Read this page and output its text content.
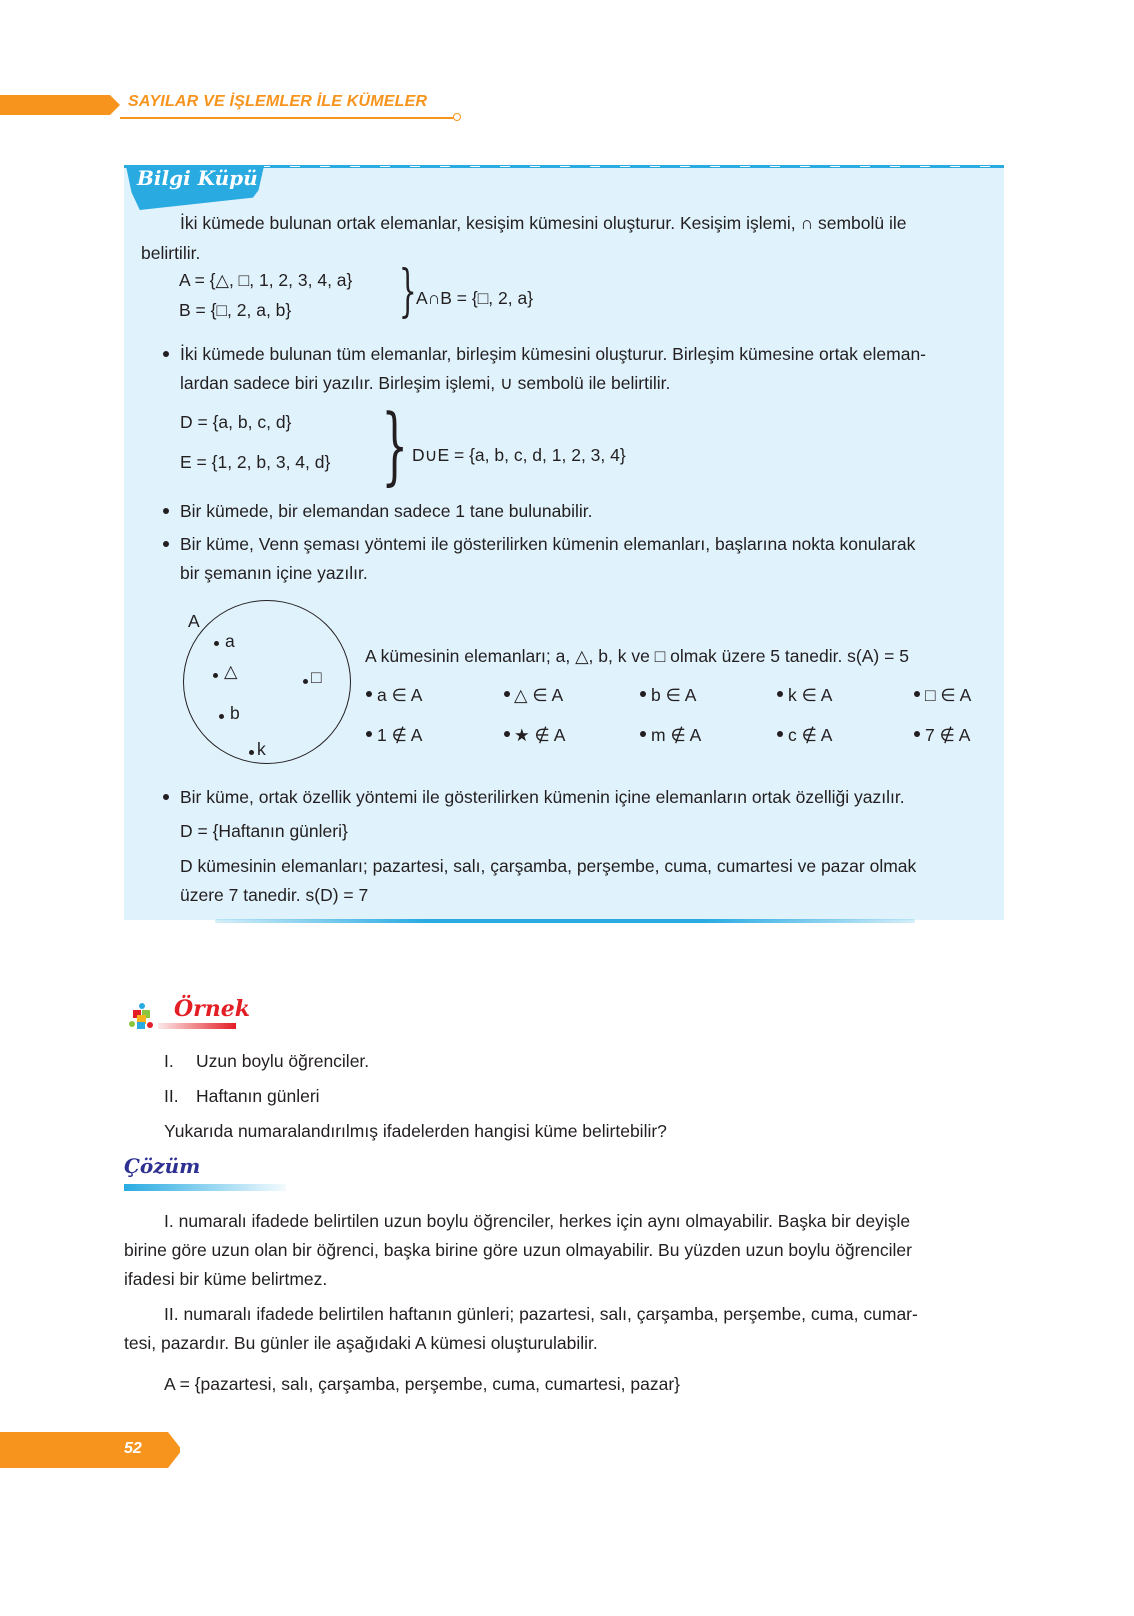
SAYILAR VE İŞLEMLER İLE KÜMELER
Bilgi Küpü
İki kümede bulunan ortak elemanlar, kesişim kümesini oluşturur. Kesişim işlemi, ∩ sembolü ile
belirtilir.
A = {△, □, 1, 2, 3, 4, a}
B = {□, 2, a, b} } A∩B = {□, 2, a}
İki kümede bulunan tüm elemanlar, birleşim kümesini oluşturur. Birleşim kümesine ortak eleman-
lardan sadece biri yazılır. Birleşim işlemi, ∪ sembolü ile belirtilir.
D = {a, b, c, d}
E = {1, 2, b, 3, 4, d} } D∪E = {a, b, c, d, 1, 2, 3, 4}
Bir kümede, bir elemandan sadece 1 tane bulunabilir.
Bir küme, Venn şeması yöntemi ile gösterilirken kümenin elemanları, başlarına nokta konularak
bir şemanın içine yazılır.
A
a
△
b
k
□
A kümesinin elemanları; a, △, b, k ve □ olmak üzere 5 tanedir. s(A) = 5
a ∈ A	△ ∈ A	b ∈ A	k ∈ A	□ ∈ A
1 ∉ A	★ ∉ A	m ∉ A	c ∉ A	7 ∉ A
Bir küme, ortak özellik yöntemi ile gösterilirken kümenin içine elemanların ortak özelliği yazılır.
D = {Haftanın günleri}
D kümesinin elemanları; pazartesi, salı, çarşamba, perşembe, cuma, cumartesi ve pazar olmak
üzere 7 tanedir. s(D) = 7
Örnek
I. Uzun boylu öğrenciler.
II. Haftanın günleri
Yukarıda numaralandırılmış ifadelerden hangisi küme belirtebilir?
Çözüm
I. numaralı ifadede belirtilen uzun boylu öğrenciler, herkes için aynı olmayabilir. Başka bir deyişle
birine göre uzun olan bir öğrenci, başka birine göre uzun olmayabilir. Bu yüzden uzun boylu öğrenciler
ifadesi bir küme belirtmez.
II. numaralı ifadede belirtilen haftanın günleri; pazartesi, salı, çarşamba, perşembe, cuma, cumar-
tesi, pazardır. Bu günler ile aşağıdaki A kümesi oluşturulabilir.
A = {pazartesi, salı, çarşamba, perşembe, cuma, cumartesi, pazar}
52
